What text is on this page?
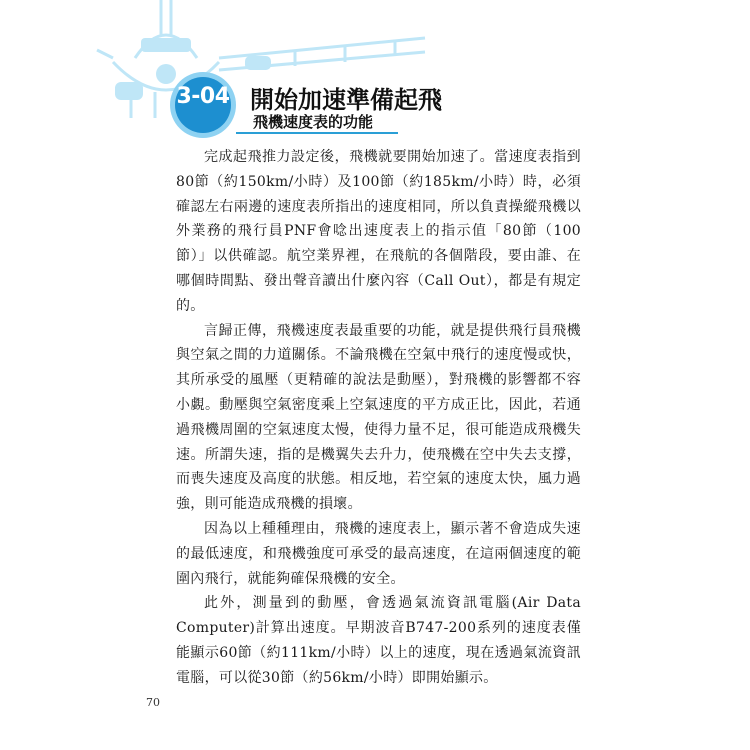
3-04 開始加速準備起飛
飛機速度表的功能

完成起飛推力設定後，飛機就要開始加速了。當速度表指到80節（約150km/小時）及100節（約185km/小時）時，必須確認左右兩邊的速度表所指出的速度相同，所以負責操縱飛機以外業務的飛行員PNF會唸出速度表上的指示值「80節（100節）」以供確認。航空業界裡，在飛航的各個階段，要由誰、在哪個時間點、發出聲音讀出什麼內容（Call Out），都是有規定的。

言歸正傳，飛機速度表最重要的功能，就是提供飛行員飛機與空氣之間的力道關係。不論飛機在空氣中飛行的速度慢或快，其所承受的風壓（更精確的說法是動壓），對飛機的影響都不容小覷。動壓與空氣密度乘上空氣速度的平方成正比，因此，若通過飛機周圍的空氣速度太慢，使得力量不足，很可能造成飛機失速。所謂失速，指的是機翼失去升力，使飛機在空中失去支撐，而喪失速度及高度的狀態。相反地，若空氣的速度太快，風力過強，則可能造成飛機的損壞。

因為以上種種理由，飛機的速度表上，顯示著不會造成失速的最低速度，和飛機強度可承受的最高速度，在這兩個速度的範圍內飛行，就能夠確保飛機的安全。

此外，測量到的動壓，會透過氣流資訊電腦(Air Data Computer)計算出速度。早期波音B747-200系列的速度表僅能顯示60節（約111km/小時）以上的速度，現在透過氣流資訊電腦，可以從30節（約56km/小時）即開始顯示。

70
